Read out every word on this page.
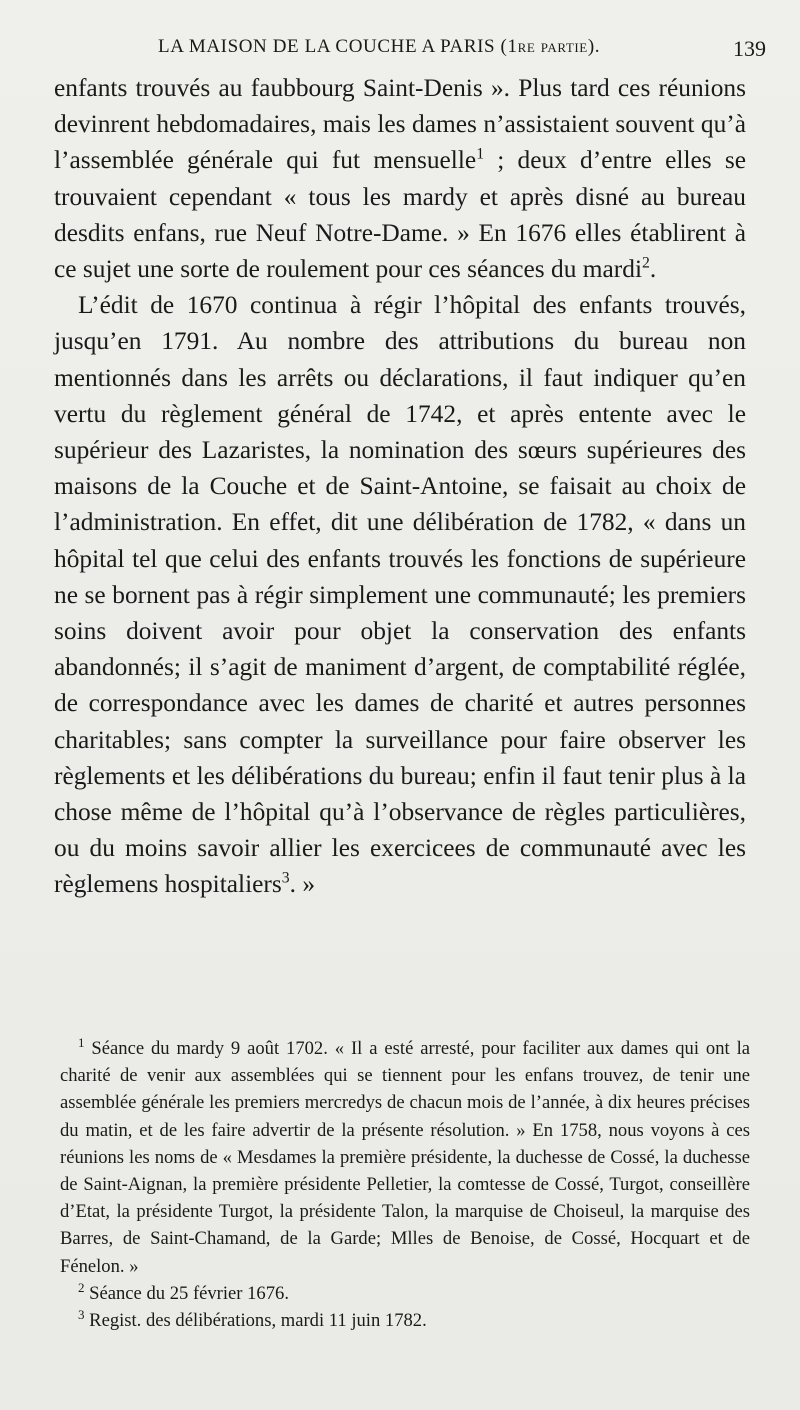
LA MAISON DE LA COUCHE A PARIS (1re partie).	139

enfants trouvés au faubbourg Saint-Denis ». Plus tard ces réunions devinrent hebdomadaires, mais les dames n’assistaient souvent qu’à l’assemblée générale qui fut mensuelle$^1$ ; deux d’entre elles se trouvaient cependant « tous les mardy et après disné au bureau desdits enfans, rue Neuf Notre-Dame. » En 1676 elles établirent à ce sujet une sorte de roulement pour ces séances du mardi$^2$.

L’édit de 1670 continua à régir l’hôpital des enfants trouvés, jusqu’en 1791. Au nombre des attributions du bureau non mentionnés dans les arrêts ou déclarations, il faut indiquer qu’en vertu du règlement général de 1742, et après entente avec le supérieur des Lazaristes, la nomination des sœurs supérieures des maisons de la Couche et de Saint-Antoine, se faisait au choix de l’administration. En effet, dit une délibération de 1782, « dans un hôpital tel que celui des enfants trouvés les fonctions de supérieure ne se bornent pas à régir simplement une communauté; les premiers soins doivent avoir pour objet la conservation des enfants abandonnés; il s’agit de maniment d’argent, de comptabilité réglée, de correspondance avec les dames de charité et autres personnes charitables; sans compter la surveillance pour faire observer les règlements et les délibérations du bureau; enfin il faut tenir plus à la chose même de l’hôpital qu’à l’observance de règles particulières, ou du moins savoir allier les exercicees de communauté avec les règlemens hospitaliers$^3$. »

$^1$ Séance du mardy 9 août 1702. « Il a esté arresté, pour faciliter aux dames qui ont la charité de venir aux assemblées qui se tiennent pour les enfans trouvez, de tenir une assemblée générale les premiers mercredys de chacun mois de l’année, à dix heures précises du matin, et de les faire advertir de la présente résolution. » En 1758, nous voyons à ces réunions les noms de « Mesdames la première présidente, la duchesse de Cossé, la duchesse de Saint-Aignan, la première présidente Pelletier, la comtesse de Cossé, Turgot, conseillère d’Etat, la présidente Turgot, la présidente Talon, la marquise de Choiseul, la marquise des Barres, de Saint-Chamand, de la Garde; Mlles de Benoise, de Cossé, Hocquart et de Fénelon. »

$^2$ Séance du 25 février 1676.

$^3$ Regist. des délibérations, mardi 11 juin 1782.
